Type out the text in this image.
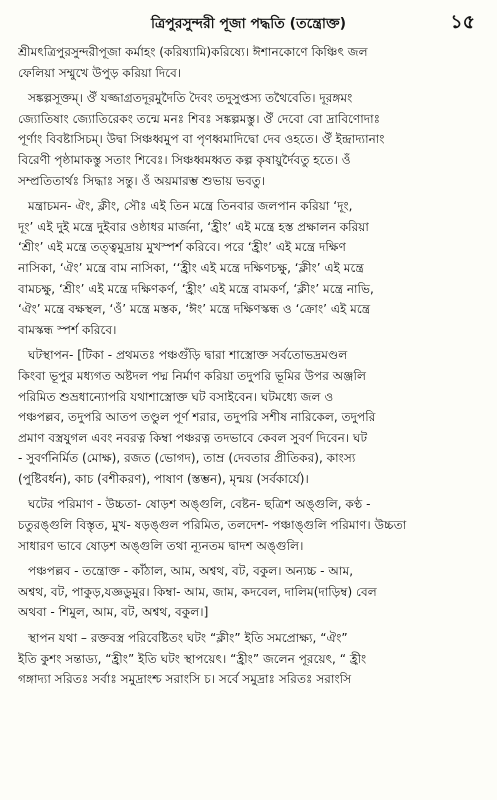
ত্রিপুরসুন্দরী পূজা পদ্ধতি (তন্ত্রোক্ত)	১৫
শ্রীমৎত্রিপুরসুন্দরীপূজা কর্মাহং (করিষ্যামি)করিষ্যে। ঈশানকোণে কিঞ্চিৎ জল
ফেলিয়া সম্মুখে উপুড় করিয়া দিবে।
সঙ্কল্পসূক্তম্। ঔঁ যজ্জাগ্রতদূরমুদৈতি দৈবং তদুসুপ্তস্য তথৈবেতি। দূরঙ্গমং
জ্যোতিষাং জ্যোতিরেকং তন্মে মনঃ শিবঃ সঙ্কল্পমস্তু। ঔঁ দেবো বো দ্রাবিণোদাঃ
পূর্ণাং বিবষ্টাসিচম্। উদ্বা সিঞ্চধ্বমুপ বা পৃণধ্বমাদিদ্বো দেব ওহতে। ঔঁ ইন্দ্রাদ্যানাং
বিরেণী পৃষ্ঠামাকস্তু সতাং শিবেঃ। সিঞ্চধ্বমধ্বত কল্প কৃষায়ুর্দৈবতু হতে। ওঁ
সম্প্রতিতার্থঃ সিদ্ধাঃ সন্তু। ওঁ অয়মারম্ভ শুভায় ভবতু।
মন্ত্রাচমন- ঐং, ক্লীং, সৌঃ এই তিন মন্ত্রে তিনবার জলপান করিয়া ‘দূং,
দূং’ এই দুই মন্ত্রে দুইবার ওষ্ঠাধর মার্জনা, ‘হ্রীং’ এই মন্ত্রে হস্ত প্রক্ষালন করিয়া
‘শ্রীং’ এই মন্ত্রে তত্ত্বমুদ্রায় মুখস্পর্শ করিবে। পরে ‘হ্রীং’ এই মন্ত্রে দক্ষিণ
নাসিকা, ‘ঐং’ মন্ত্রে বাম নাসিকা, ‘‘হ্রীং এই মন্ত্রে দক্ষিণচক্ষু, ‘ক্লীং’ এই মন্ত্রে
বামচক্ষু, ‘শ্রীং’ এই মন্ত্রে দক্ষিণকর্ণ, ‘হ্রীং’ এই মন্ত্রে বামকর্ণ, ‘ক্লীং’ মন্ত্রে নাভি,
‘ঐং’ মন্ত্রে বক্ষস্থল, ‘ওঁ’ মন্ত্রে মস্তক, ‘ঈং’ মন্ত্রে দক্ষিণস্কন্ধ ও ‘ক্রোং’ এই মন্ত্রে
বামস্কন্ধ স্পর্শ করিবে।
ঘটস্থাপন- [টিকা - প্রথমতঃ পঞ্চগুঁড়ি দ্বারা শাস্ত্রোক্ত সর্বতোভদ্রমণ্ডল
কিংবা ভূপুর মধ্যগত অষ্টদল পদ্ম নির্মাণ করিয়া তদুপরি ভূমির উপর অঞ্জলি
পরিমিত শুভ্রধান্যোপরি যথাশাস্ত্রোক্ত ঘট বসাইবেন। ঘটমধ্যে জল ও
পঞ্চপল্লব, তদুপরি আতপ তণ্ডুল পূর্ণ শরার, তদুপরি সশীষ নারিকেল, তদুপরি
প্রমাণ বস্ত্রযুগল এবং নবরত্ন কিম্বা পঞ্চরত্ন তদভাবে কেবল সুবর্ণ দিবেন। ঘট
- সুবর্ণনির্মিত (মোক্ষ), রজত (ভোগদ), তাম্র (দেবতার প্রীতিকর), কাংস্য
(পুষ্টিবর্ধন), কাচ (বশীকরণ), পাষাণ (স্তম্ভন), মৃন্ময় (সর্বকার্যে)।
ঘটের পরিমাণ - উচ্চতা- ষোড়শ অঙ্গুলি, বেষ্টন- ছত্রিশ অঙ্গুলি, কণ্ঠ -
চতুরঙ্গুলি বিস্তৃত, মুখ- ষড়ঙ্গুল পরিমিত, তলদেশ- পঞ্চাঙ্গুলি পরিমাণ। উচ্চতা
সাধারণ ভাবে ষোড়শ অঙ্গুলি তথা ন্যূনতম দ্বাদশ অঙ্গুলি।
পঞ্চপল্লব - তন্ত্রোক্ত - কাঁঠাল, আম, অশ্বথ, বট, বকুল। অন্যচ্চ - আম,
অশ্বথ, বট, পাকুড়,যজ্ঞডুমুর। কিম্বা- আম, জাম, কদবেল, দালিম(দাড়িম্ব) বেল
অথবা - শিমুল, আম, বট, অশ্বথ, বকুল।]
স্থাপন যথা – রক্তবস্ত্র পরিবেষ্টিতং ঘটং “ক্লীং” ইতি সমপ্রোক্ষ্য, “ঐং”
ইতি কুশং সন্তাড্য, “হ্রীং” ইতি ঘটং স্থাপয়েৎ। “হ্রীং” জলেন পূরয়েৎ, “ হ্রীং
গঙ্গাদ্যা সরিতঃ সর্বাঃ সমুদ্রাংশ্চ সরাংসি চ। সর্বে সমুদ্রাঃ সরিতঃ সরাংসি
